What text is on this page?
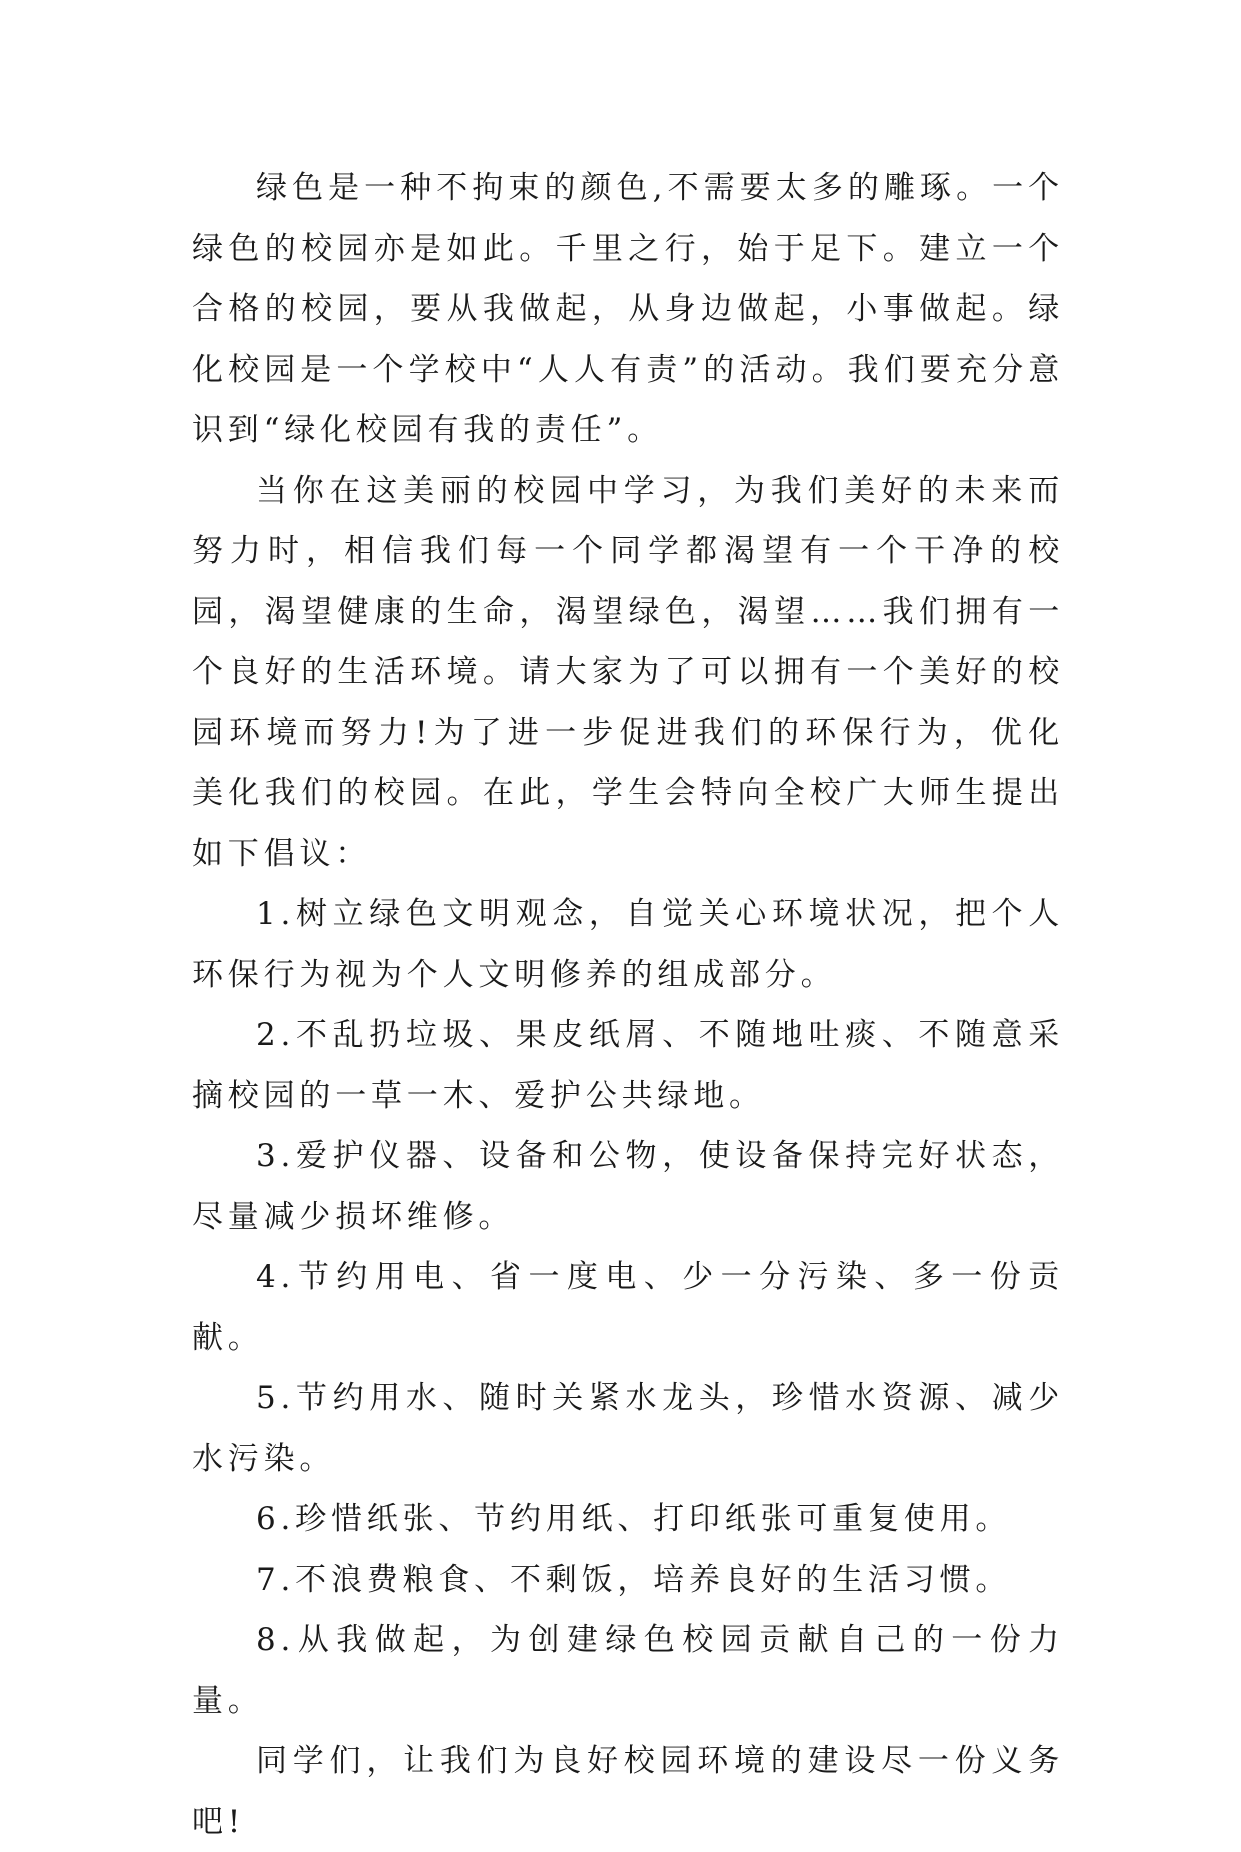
绿色是一种不拘束的颜色,不需要太多的雕琢。一个绿色的校园亦是如此。千里之行，始于足下。建立一个合格的校园，要从我做起，从身边做起，小事做起。绿化校园是一个学校中“人人有责”的活动。我们要充分意识到“绿化校园有我的责任”。

当你在这美丽的校园中学习，为我们美好的未来而努力时，相信我们每一个同学都渴望有一个干净的校园，渴望健康的生命，渴望绿色，渴望……我们拥有一个良好的生活环境。请大家为了可以拥有一个美好的校园环境而努力!为了进一步促进我们的环保行为，优化美化我们的校园。在此，学生会特向全校广大师生提出如下倡议：

1.树立绿色文明观念，自觉关心环境状况，把个人环保行为视为个人文明修养的组成部分。

2.不乱扔垃圾、果皮纸屑、不随地吐痰、不随意采摘校园的一草一木、爱护公共绿地。

3.爱护仪器、设备和公物，使设备保持完好状态，尽量减少损坏维修。

4.节约用电、省一度电、少一分污染、多一份贡献。

5.节约用水、随时关紧水龙头，珍惜水资源、减少水污染。

6.珍惜纸张、节约用纸、打印纸张可重复使用。

7.不浪费粮食、不剩饭，培养良好的生活习惯。

8.从我做起，为创建绿色校园贡献自己的一份力量。

同学们，让我们为良好校园环境的建设尽一份义务吧!
